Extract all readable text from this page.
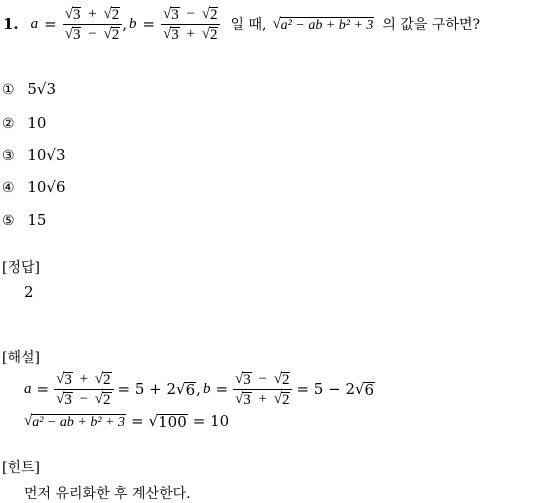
1. $a = \frac{√ 3 + √ 2}{√ 3 - √ 2}$ , $b = \frac{√ 3 - √ 2}{√ 3 + √ 2}$ 일 때, √ a² − ab + b² + 3 의 값을 구하면?
① 5√3
② 10
③ 10√3
④ 10√6
⑤ 15
[정답]
2
[해설]
$a = \frac{√ 3 + √ 2}{√ 3 - √ 2} = 5 + 2$ √ 6 , $b = \frac{√ 3 - √ 2}{√ 3 + √ 2} = 5 - 2$ √ 6
√ a² − ab + b² + 3 = √ 100 = 10
[힌트]
먼저 유리화한 후 계산한다.
